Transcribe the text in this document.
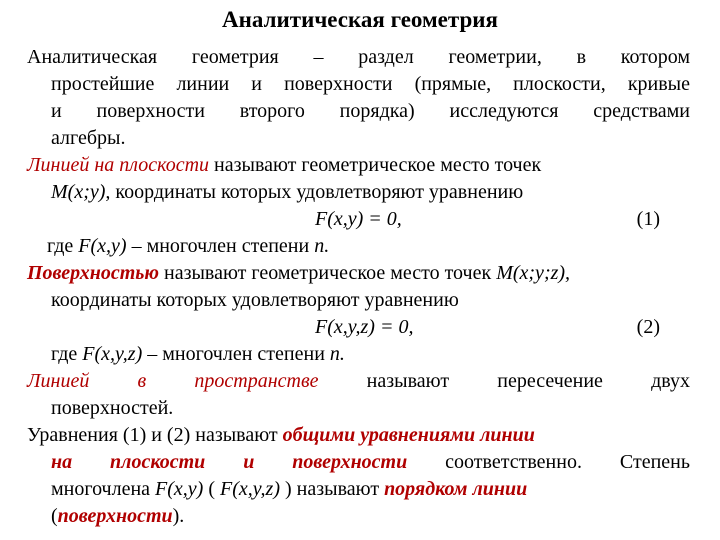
Аналитическая геометрия
Аналитическая геометрия – раздел геометрии, в котором
простейшие линии и поверхности (прямые, плоскости, кривые
и поверхности второго порядка) исследуются средствами
алгебры.
Линией на плоскости называют геометрическое место точек
M(x;y), координаты которых удовлетворяют уравнению
F(x,y) = 0,	(1)
где F(x,y) – многочлен степени n.
Поверхностью называют геометрическое место точек M(x;y;z),
координаты которых удовлетворяют уравнению
F(x,y,z) = 0,	(2)
где F(x,y,z) – многочлен степени n.
Линией в пространстве называют пересечение двух
поверхностей.
Уравнения (1) и (2) называют общими уравнениями линии
на плоскости и поверхности соответственно. Степень
многочлена F(x,y) ( F(x,y,z) ) называют порядком линии
(поверхности).
